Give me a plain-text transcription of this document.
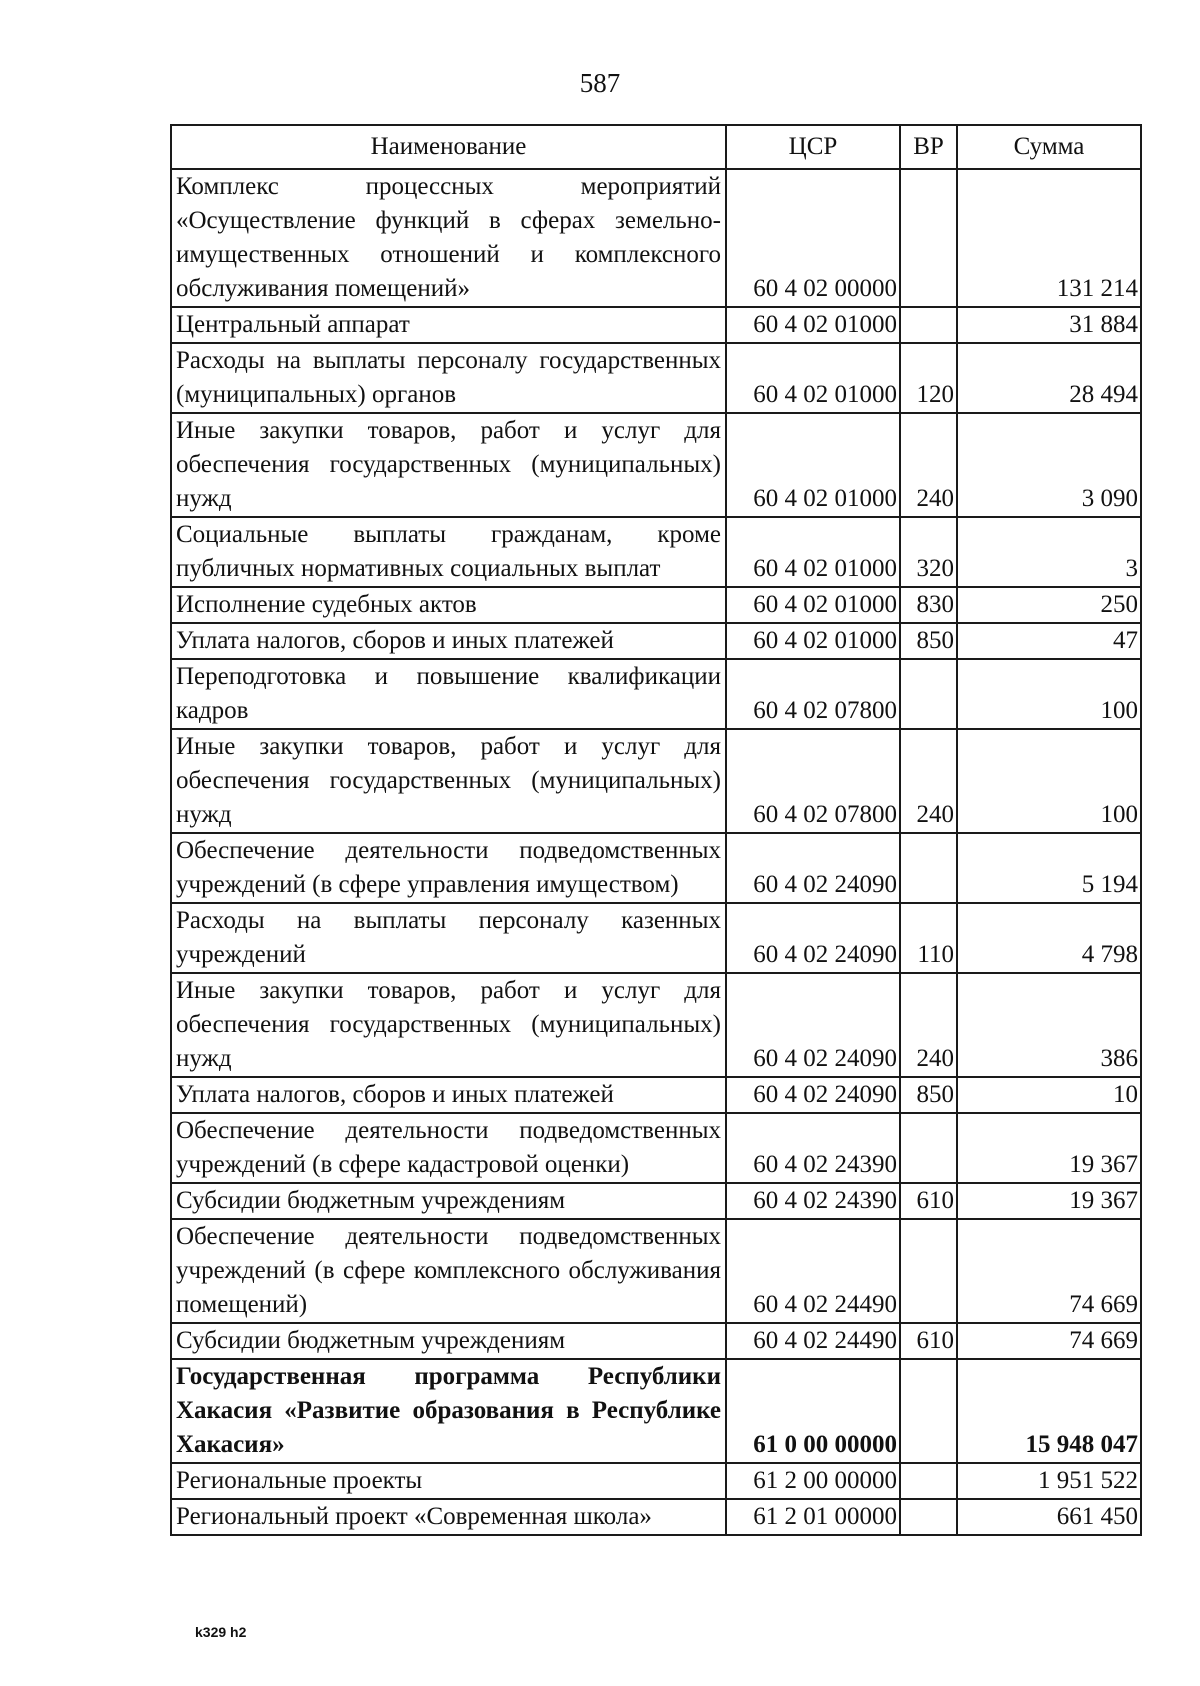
587
Наименование	ЦСР	ВР	Сумма
Комплекс процессных мероприятий «Осуществление функций в сферах земельно-имущественных отношений и комплексного обслуживания помещений»	60 4 02 00000		131 214
Центральный аппарат	60 4 02 01000		31 884
Расходы на выплаты персоналу государственных (муниципальных) органов	60 4 02 01000	120	28 494
Иные закупки товаров, работ и услуг для обеспечения государственных (муниципальных) нужд	60 4 02 01000	240	3 090
Социальные выплаты гражданам, кроме публичных нормативных социальных выплат	60 4 02 01000	320	3
Исполнение судебных актов	60 4 02 01000	830	250
Уплата налогов, сборов и иных платежей	60 4 02 01000	850	47
Переподготовка и повышение квалификации кадров	60 4 02 07800		100
Иные закупки товаров, работ и услуг для обеспечения государственных (муниципальных) нужд	60 4 02 07800	240	100
Обеспечение деятельности подведомственных учреждений (в сфере управления имуществом)	60 4 02 24090		5 194
Расходы на выплаты персоналу казенных учреждений	60 4 02 24090	110	4 798
Иные закупки товаров, работ и услуг для обеспечения государственных (муниципальных) нужд	60 4 02 24090	240	386
Уплата налогов, сборов и иных платежей	60 4 02 24090	850	10
Обеспечение деятельности подведомственных учреждений (в сфере кадастровой оценки)	60 4 02 24390		19 367
Субсидии бюджетным учреждениям	60 4 02 24390	610	19 367
Обеспечение деятельности подведомственных учреждений (в сфере комплексного обслуживания помещений)	60 4 02 24490		74 669
Субсидии бюджетным учреждениям	60 4 02 24490	610	74 669
Государственная программа Республики Хакасия «Развитие образования в Республике Хакасия»	61 0 00 00000		15 948 047
Региональные проекты	61 2 00 00000		1 951 522
Региональный проект «Современная школа»	61 2 01 00000		661 450
k329 h2
